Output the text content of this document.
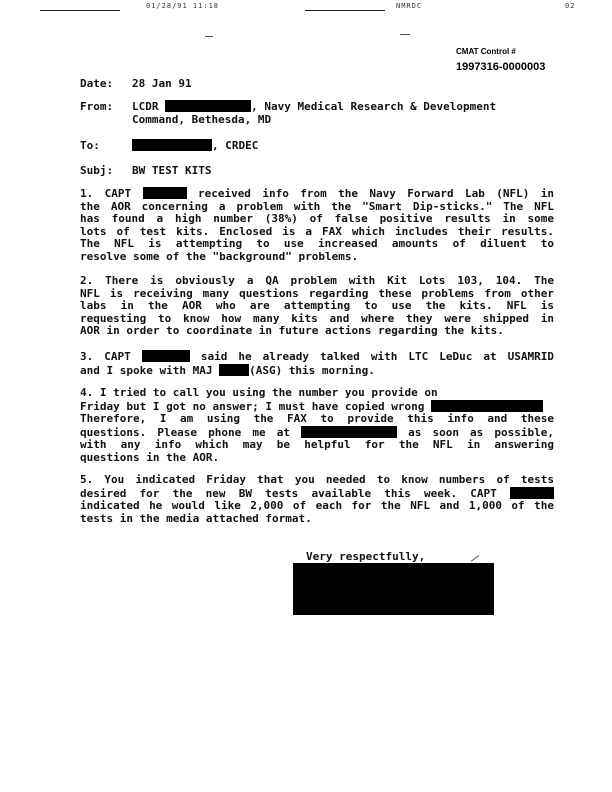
01/28/91 11:18	NMRDC	02
CMAT Control #
1997316-0000003
Date: 28 Jan 91
From: LCDR	, Navy Medical Research & Development
Command, Bethesda, MD
To:	, CRDEC
Subj: BW TEST KITS
1. CAPT	received info from the Navy Forward Lab (NFL) in
the AOR concerning a problem with the "Smart Dip-sticks." The NFL
has found a high number (38%) of false positive results in some
lots of test kits. Enclosed is a FAX which includes their results.
The NFL is attempting to use increased amounts of diluent to
resolve some of the "background" problems.
2. There is obviously a QA problem with Kit Lots 103, 104. The
NFL is receiving many questions regarding these problems from other
labs in the AOR who are attempting to use the kits. NFL is
requesting to know how many kits and where they were shipped in
AOR in order to coordinate in future actions regarding the kits.
3. CAPT	said he already talked with LTC LeDuc at USAMRID
and I spoke with MAJ	(ASG) this morning.
4. I tried to call you using the number you provide on
Friday but I got no answer; I must have copied wrong
Therefore, I am using the FAX to provide this info and these
questions. Please phone me at	as soon as possible,
with any info which may be helpful for the NFL in answering
questions in the AOR.
5. You indicated Friday that you needed to know numbers of tests
desired for the new BW tests available this week. CAPT
indicated he would like 2,000 of each for the NFL and 1,000 of the
tests in the media attached format.
Very respectfully,
